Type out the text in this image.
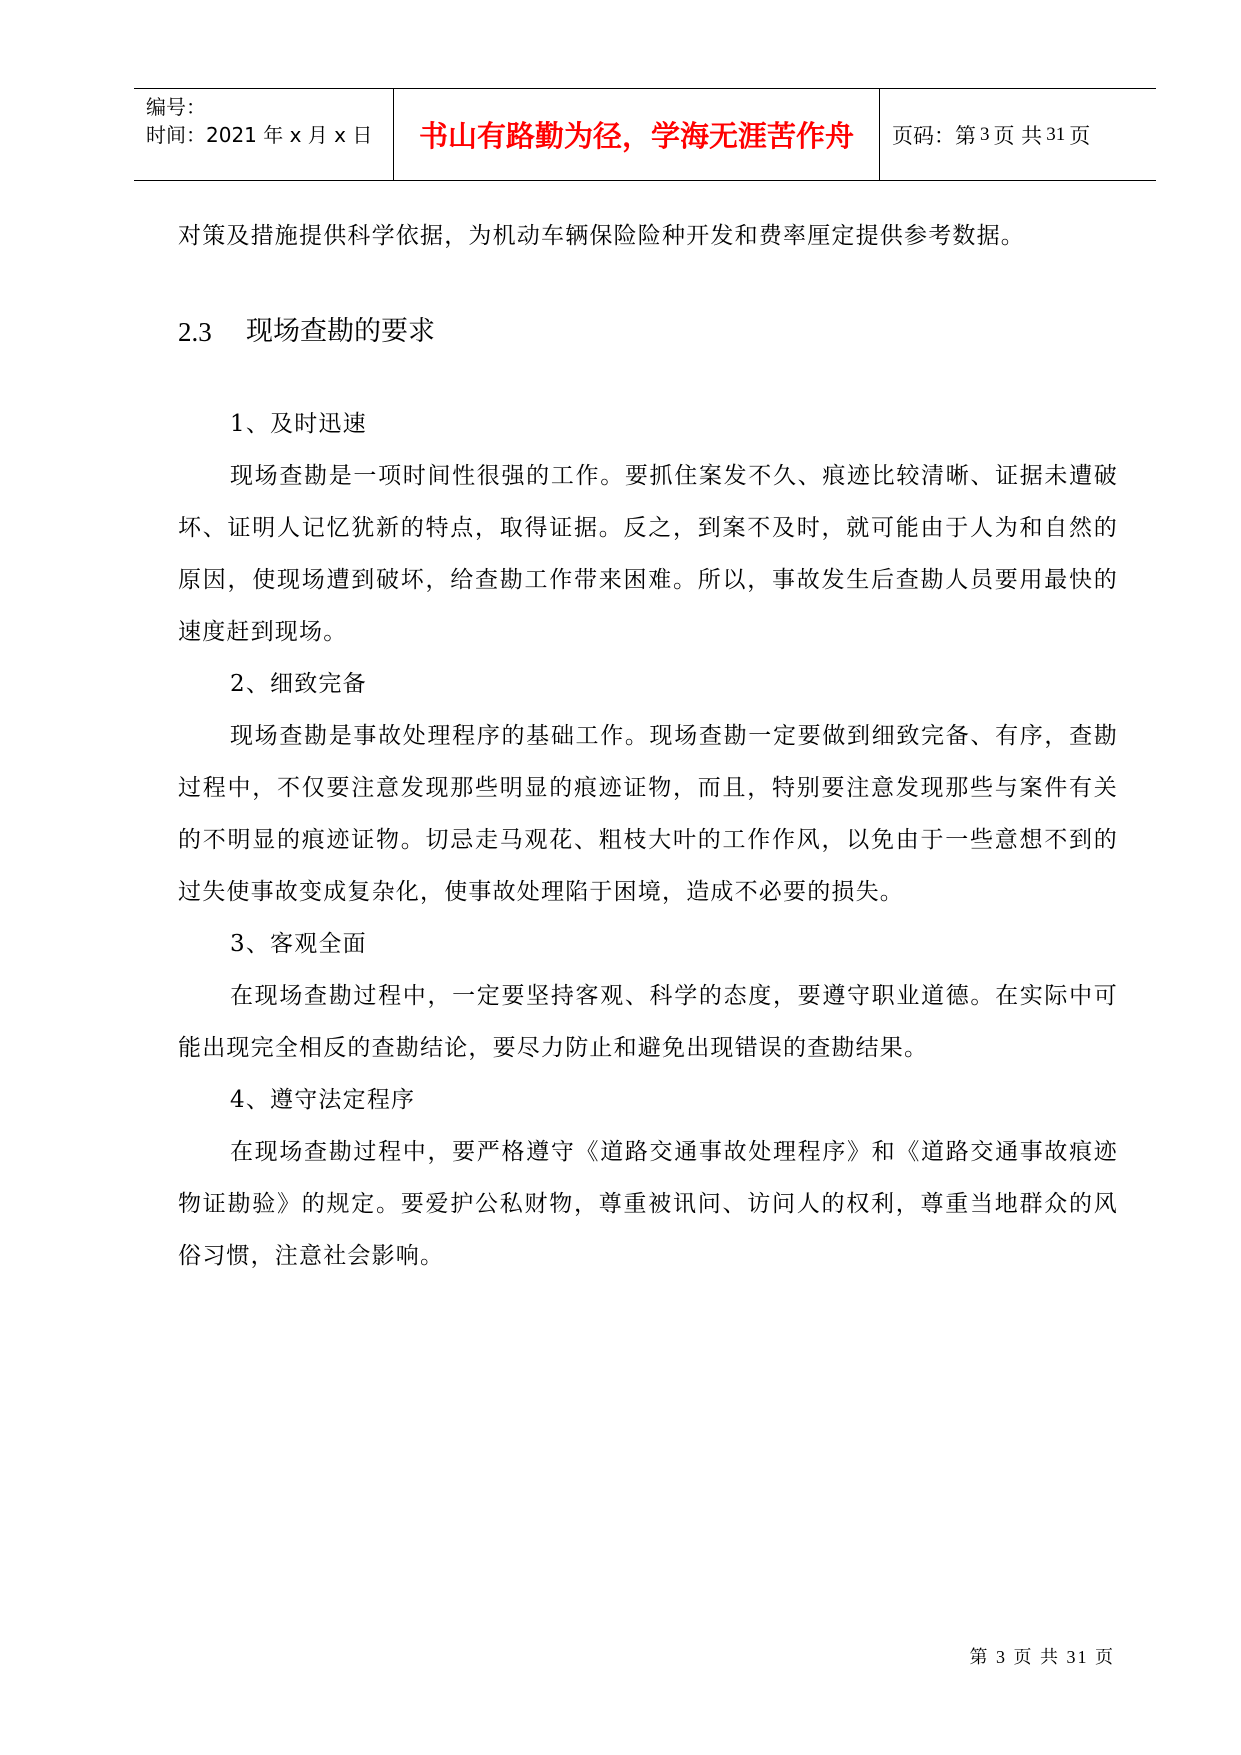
编号：
时间：2021 年 x 月 x 日	书山有路勤为径，学海无涯苦作舟	页码：第 3 页 共 31 页

对策及措施提供科学依据，为机动车辆保险险种开发和费率厘定提供参考数据。

2.3	现场查勘的要求

1、及时迅速

现场查勘是一项时间性很强的工作。要抓住案发不久、痕迹比较清晰、证据未遭破坏、证明人记忆犹新的特点，取得证据。反之，到案不及时，就可能由于人为和自然的原因，使现场遭到破坏，给查勘工作带来困难。所以，事故发生后查勘人员要用最快的速度赶到现场。

2、细致完备

现场查勘是事故处理程序的基础工作。现场查勘一定要做到细致完备、有序，查勘过程中，不仅要注意发现那些明显的痕迹证物，而且，特别要注意发现那些与案件有关的不明显的痕迹证物。切忌走马观花、粗枝大叶的工作作风，以免由于一些意想不到的过失使事故变成复杂化，使事故处理陷于困境，造成不必要的损失。

3、客观全面

在现场查勘过程中，一定要坚持客观、科学的态度，要遵守职业道德。在实际中可能出现完全相反的查勘结论，要尽力防止和避免出现错误的查勘结果。

4、遵守法定程序

在现场查勘过程中，要严格遵守《道路交通事故处理程序》和《道路交通事故痕迹物证勘验》的规定。要爱护公私财物，尊重被讯问、访问人的权利，尊重当地群众的风俗习惯，注意社会影响。

第 3 页 共 31 页
